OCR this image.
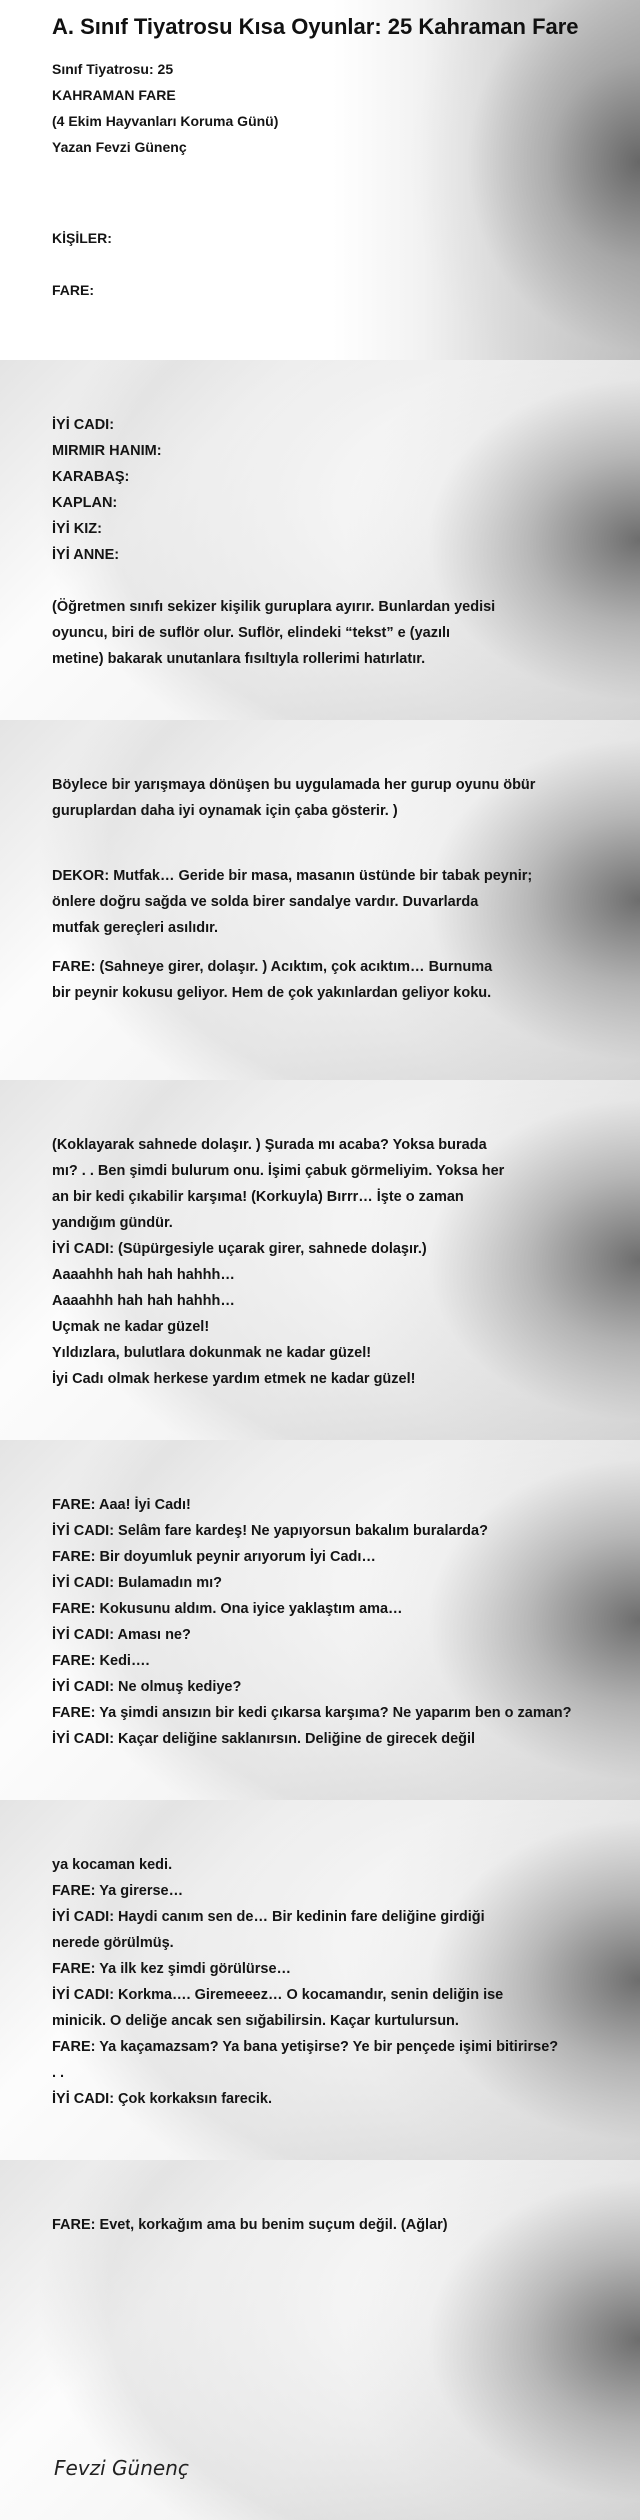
A. Sınıf Tiyatrosu Kısa Oyunlar: 25 Kahraman Fare
Sınıf Tiyatrosu: 25
KAHRAMAN FARE
(4 Ekim Hayvanları Koruma Günü)
Yazan Fevzi Günenç
KİŞİLER:
FARE:
İYİ CADI:
MIRMIR HANIM:
KARABAŞ:
KAPLAN:
İYİ KIZ:
İYİ ANNE:
(Öğretmen sınıfı sekizer kişilik guruplara ayırır. Bunlardan yedisi
oyuncu, biri de suflör olur. Suflör, elindeki “tekst” e (yazılı
metine) bakarak unutanlara fısıltıyla rollerimi hatırlatır.
Böylece bir yarışmaya dönüşen bu uygulamada her gurup oyunu öbür
guruplardan daha iyi oynamak için çaba gösterir. )
DEKOR: Mutfak… Geride bir masa, masanın üstünde bir tabak peynir;
önlere doğru sağda ve solda birer sandalye vardır. Duvarlarda
mutfak gereçleri asılıdır.
FARE: (Sahneye girer, dolaşır. ) Acıktım, çok acıktım… Burnuma
bir peynir kokusu geliyor. Hem de çok yakınlardan geliyor koku.
(Koklayarak sahnede dolaşır. ) Şurada mı acaba? Yoksa burada
mı? . . Ben şimdi bulurum onu. İşimi çabuk görmeliyim. Yoksa her
an bir kedi çıkabilir karşıma! (Korkuyla) Bırrr… İşte o zaman
yandığım gündür.
İYİ CADI: (Süpürgesiyle uçarak girer, sahnede dolaşır.)
Aaaahhh hah hah hahhh…
Aaaahhh hah hah hahhh…
Uçmak ne kadar güzel!
Yıldızlara, bulutlara dokunmak ne kadar güzel!
İyi Cadı olmak herkese yardım etmek ne kadar güzel!
FARE: Aaa! İyi Cadı!
İYİ CADI: Selâm fare kardeş! Ne yapıyorsun bakalım buralarda?
FARE: Bir doyumluk peynir arıyorum İyi Cadı…
İYİ CADI: Bulamadın mı?
FARE: Kokusunu aldım. Ona iyice yaklaştım ama…
İYİ CADI: Aması ne?
FARE: Kedi….
İYİ CADI: Ne olmuş kediye?
FARE: Ya şimdi ansızın bir kedi çıkarsa karşıma? Ne yaparım ben o zaman?
İYİ CADI: Kaçar deliğine saklanırsın. Deliğine de girecek değil
ya kocaman kedi.
FARE: Ya girerse…
İYİ CADI: Haydi canım sen de… Bir kedinin fare deliğine girdiği
nerede görülmüş.
FARE: Ya ilk kez şimdi görülürse…
İYİ CADI: Korkma…. Giremeeez… O kocamandır, senin deliğin ise
minicik. O deliğe ancak sen sığabilirsin. Kaçar kurtulursun.
FARE: Ya kaçamazsam? Ya bana yetişirse? Ye bir pençede işimi bitirirse?
. .
İYİ CADI: Çok korkaksın farecik.
FARE: Evet, korkağım ama bu benim suçum değil. (Ağlar)
Fevzi Günenç
